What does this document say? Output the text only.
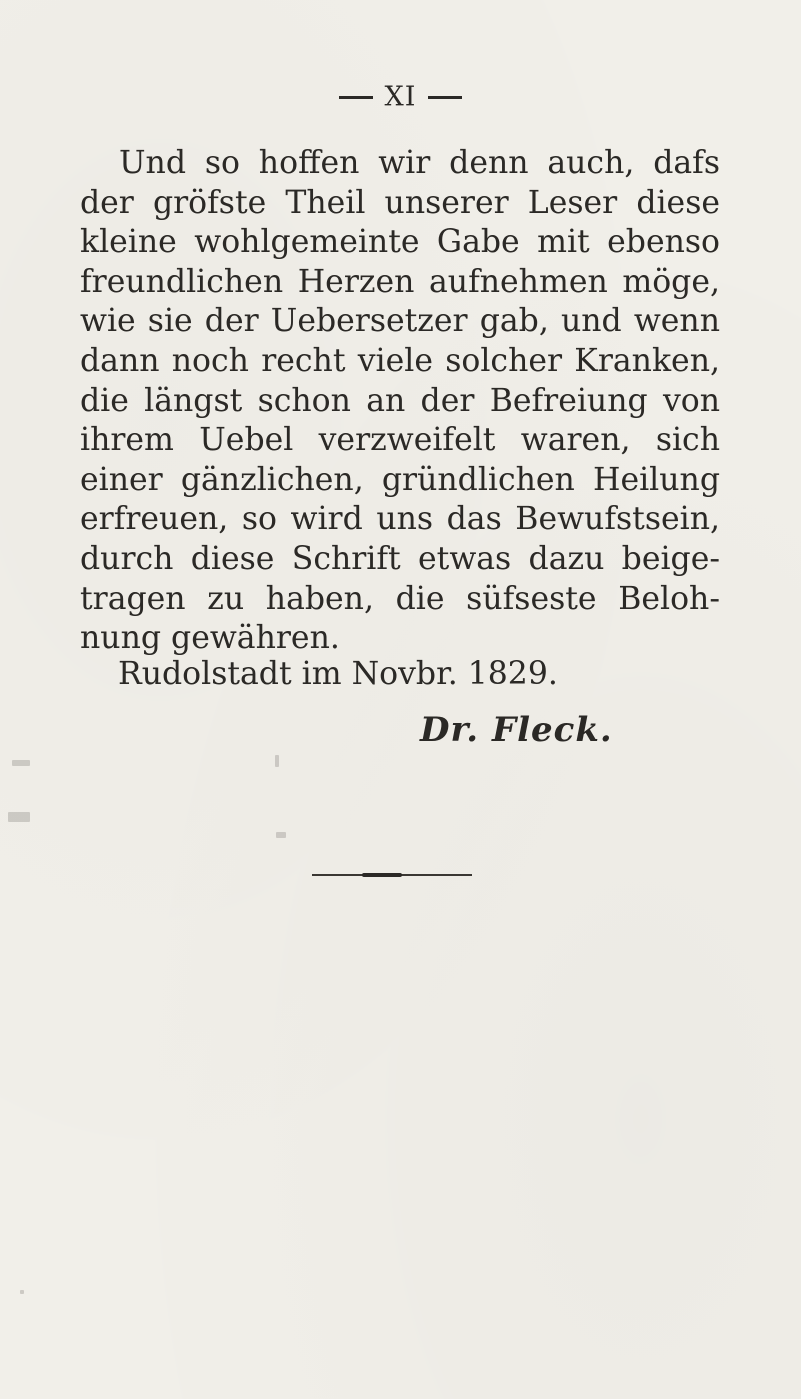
XI
Und so hoffen wir denn auch, dafs
der gröfste Theil unserer Leser diese
kleine wohlgemeinte Gabe mit ebenso
freundlichen Herzen aufnehmen möge,
wie sie der Uebersetzer gab, und wenn
dann noch recht viele solcher Kranken,
die längst schon an der Befreiung von
ihrem Uebel verzweifelt waren, sich
einer gänzlichen, gründlichen Heilung
erfreuen, so wird uns das Bewufstsein,
durch diese Schrift etwas dazu beige-
tragen zu haben, die süfseste Beloh-
nung gewähren.
Rudolstadt im Novbr. 1829.
Dr. Fleck.
